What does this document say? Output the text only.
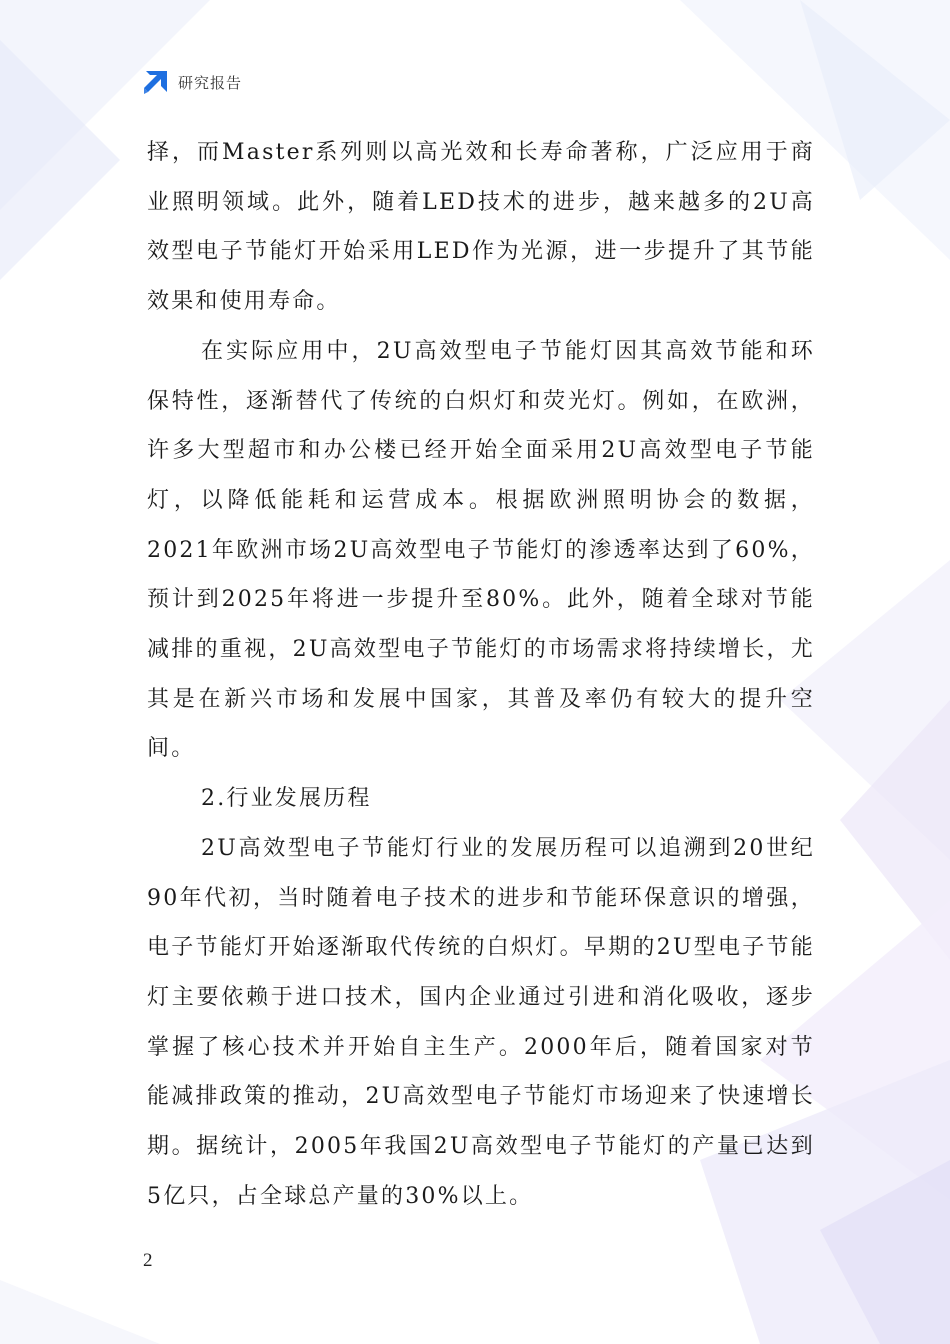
研究报告

择，而Master系列则以高光效和长寿命著称，广泛应用于商业照明领域。此外，随着LED技术的进步，越来越多的2U高效型电子节能灯开始采用LED作为光源，进一步提升了其节能效果和使用寿命。

在实际应用中，2U高效型电子节能灯因其高效节能和环保特性，逐渐替代了传统的白炽灯和荧光灯。例如，在欧洲，许多大型超市和办公楼已经开始全面采用2U高效型电子节能灯，以降低能耗和运营成本。根据欧洲照明协会的数据，2021年欧洲市场2U高效型电子节能灯的渗透率达到了60%，预计到2025年将进一步提升至80%。此外，随着全球对节能减排的重视，2U高效型电子节能灯的市场需求将持续增长，尤其是在新兴市场和发展中国家，其普及率仍有较大的提升空间。

2.行业发展历程

2U高效型电子节能灯行业的发展历程可以追溯到20世纪90年代初，当时随着电子技术的进步和节能环保意识的增强，电子节能灯开始逐渐取代传统的白炽灯。早期的2U型电子节能灯主要依赖于进口技术，国内企业通过引进和消化吸收，逐步掌握了核心技术并开始自主生产。2000年后，随着国家对节能减排政策的推动，2U高效型电子节能灯市场迎来了快速增长期。据统计，2005年我国2U高效型电子节能灯的产量已达到5亿只，占全球总产量的30%以上。

2
